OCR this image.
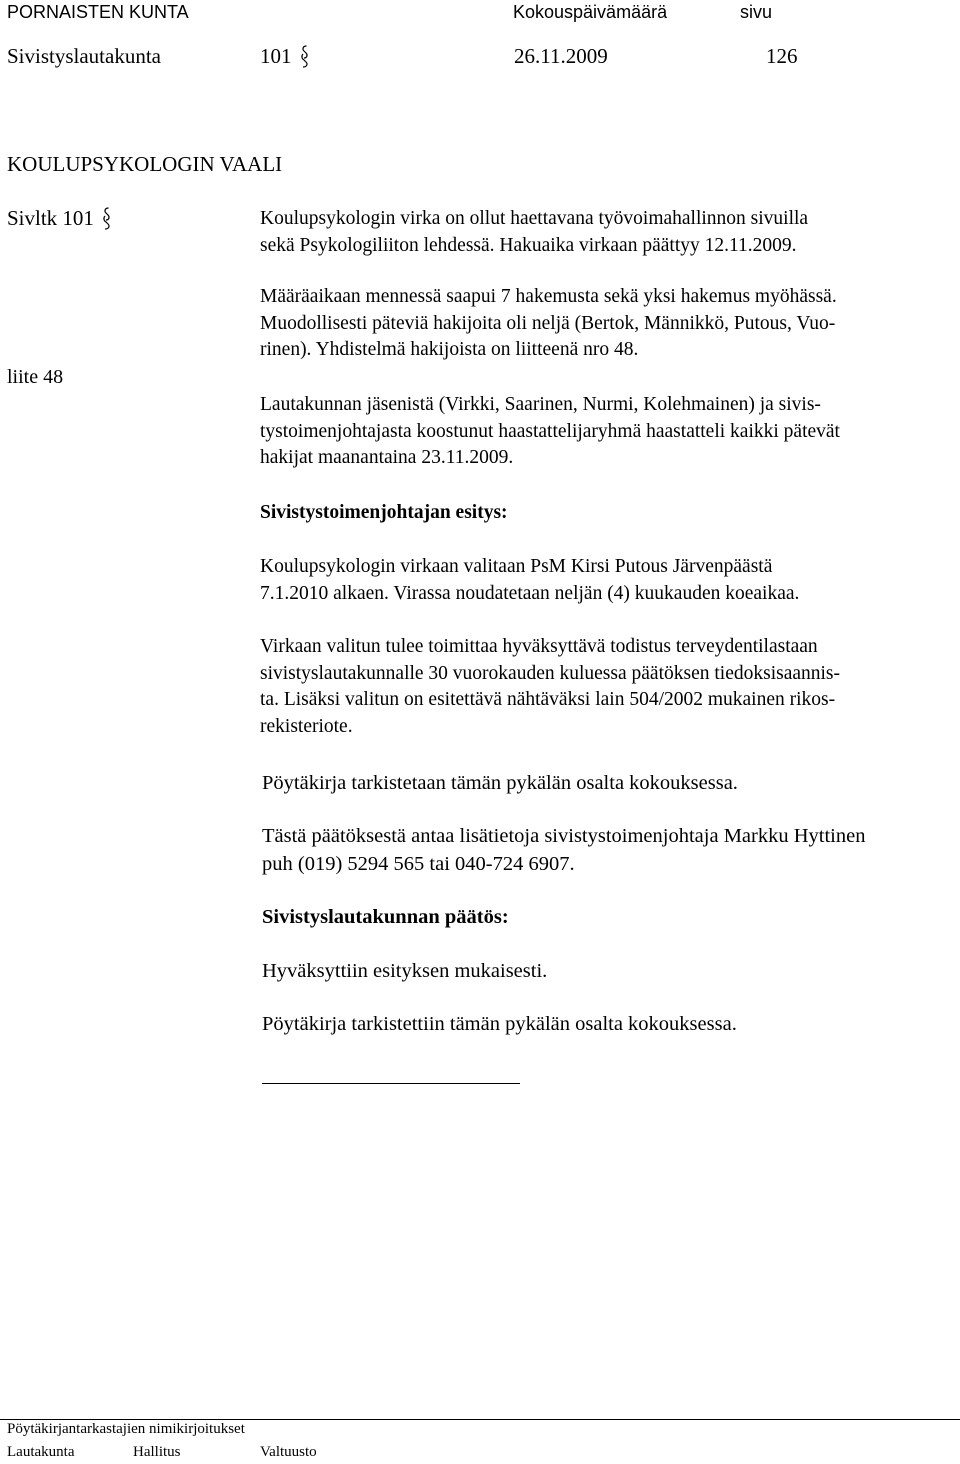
PORNAISTEN KUNTA	Kokouspäivämäärä	sivu
Sivistyslautakunta	101	26.11.2009	126
KOULUPSYKOLOGIN VAALI
Sivltk 101
liite 48
Koulupsykologin virka on ollut haettavana työvoimahallinnon sivuilla
sekä Psykologiliiton lehdessä. Hakuaika virkaan päättyy 12.11.2009.
Määräaikaan mennessä saapui 7 hakemusta sekä yksi hakemus myöhässä.
Muodollisesti päteviä hakijoita oli neljä (Bertok, Männikkö, Putous, Vuo-
rinen). Yhdistelmä hakijoista on liitteenä nro 48.
Lautakunnan jäsenistä (Virkki, Saarinen, Nurmi, Kolehmainen) ja sivis-
tystoimenjohtajasta koostunut haastattelijaryhmä haastatteli kaikki pätevät
hakijat maanantaina 23.11.2009.
Sivistystoimenjohtajan esitys:
Koulupsykologin virkaan valitaan PsM Kirsi Putous Järvenpäästä
7.1.2010 alkaen. Virassa noudatetaan neljän (4) kuukauden koeaikaa.
Virkaan valitun tulee toimittaa hyväksyttävä todistus terveydentilastaan
sivistyslautakunnalle 30 vuorokauden kuluessa päätöksen tiedoksisaannis-
ta. Lisäksi valitun on esitettävä nähtäväksi lain 504/2002 mukainen rikos-
rekisteriote.
Pöytäkirja tarkistetaan tämän pykälän osalta kokouksessa.
Tästä päätöksestä antaa lisätietoja sivistystoimenjohtaja Markku Hyttinen
puh (019) 5294 565 tai 040-724 6907.
Sivistyslautakunnan päätös:
Hyväksyttiin esityksen mukaisesti.
Pöytäkirja tarkistettiin tämän pykälän osalta kokouksessa.
Pöytäkirjantarkastajien nimikirjoitukset
Lautakunta	Hallitus	Valtuusto
